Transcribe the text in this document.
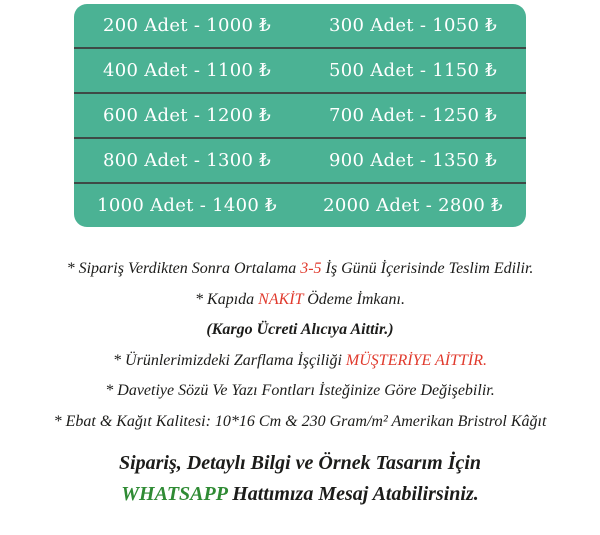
200 Adet - 1000 ₺	300 Adet - 1050 ₺
400 Adet - 1100 ₺	500 Adet - 1150 ₺
600 Adet - 1200 ₺	700 Adet - 1250 ₺
800 Adet - 1300 ₺	900 Adet - 1350 ₺
1000 Adet - 1400 ₺	2000 Adet - 2800 ₺

* Sipariş Verdikten Sonra Ortalama 3-5 İş Günü İçerisinde Teslim Edilir.

* Kapıda NAKİT Ödeme İmkanı.

(Kargo Ücreti Alıcıya Aittir.)

* Ürünlerimizdeki Zarflama İşçiliği MÜŞTERİYE AİTTİR.

* Davetiye Sözü Ve Yazı Fontları İsteğinize Göre Değişebilir.

* Ebat & Kağıt Kalitesi: 10*16 Cm & 230 Gram/m² Amerikan Bristrol Kâğıt

Sipariş, Detaylı Bilgi ve Örnek Tasarım İçin

WHATSAPP Hattımıza Mesaj Atabilirsiniz.
